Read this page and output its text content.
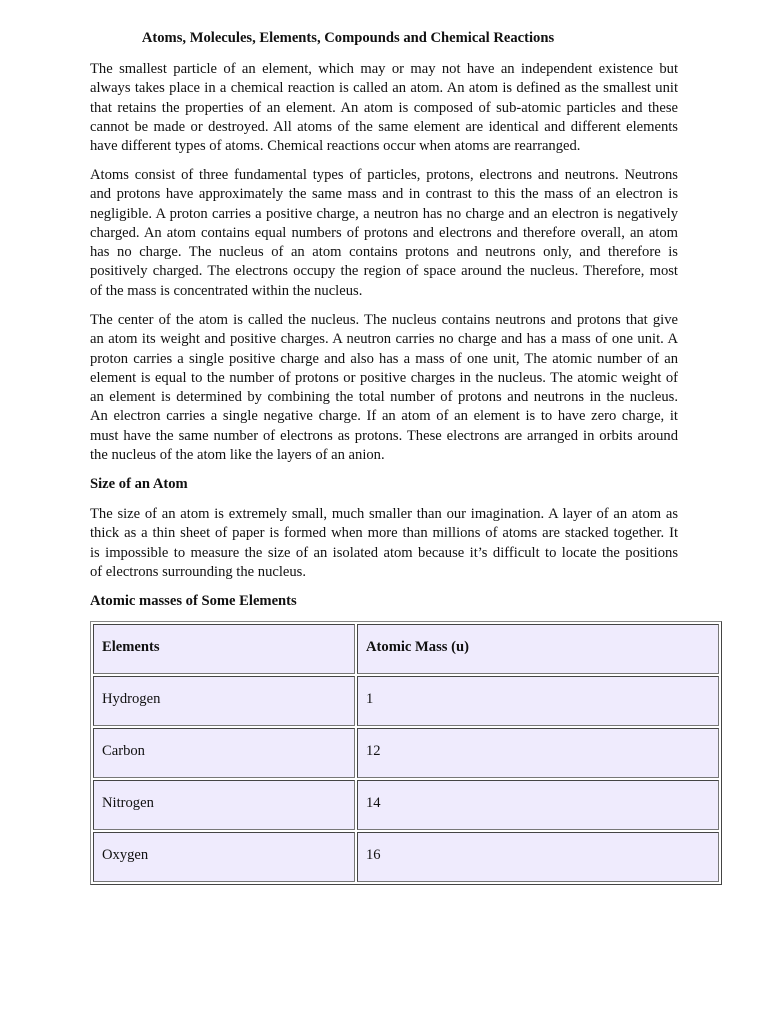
Atoms, Molecules, Elements, Compounds and Chemical Reactions
The smallest particle of an element, which may or may not have an independent existence but
always takes place in a chemical reaction is called an atom. An atom is defined as the smallest unit
that retains the properties of an element. An atom is composed of sub-atomic particles and these
cannot be made or destroyed. All atoms of the same element are identical and different elements
have different types of atoms. Chemical reactions occur when atoms are rearranged.
Atoms consist of three fundamental types of particles, protons, electrons and neutrons. Neutrons
and protons have approximately the same mass and in contrast to this the mass of an electron is
negligible. A proton carries a positive charge, a neutron has no charge and an electron is negatively
charged. An atom contains equal numbers of protons and electrons and therefore overall, an atom
has no charge. The nucleus of an atom contains protons and neutrons only, and therefore is
positively charged. The electrons occupy the region of space around the nucleus. Therefore, most
of the mass is concentrated within the nucleus.
The center of the atom is called the nucleus. The nucleus contains neutrons and protons that give
an atom its weight and positive charges. A neutron carries no charge and has a mass of one unit. A
proton carries a single positive charge and also has a mass of one unit, The atomic number of an
element is equal to the number of protons or positive charges in the nucleus. The atomic weight of
an element is determined by combining the total number of protons and neutrons in the nucleus.
An electron carries a single negative charge. If an atom of an element is to have zero charge, it
must have the same number of electrons as protons. These electrons are arranged in orbits around
the nucleus of the atom like the layers of an anion.
Size of an Atom
The size of an atom is extremely small, much smaller than our imagination. A layer of an atom as
thick as a thin sheet of paper is formed when more than millions of atoms are stacked together. It
is impossible to measure the size of an isolated atom because it’s difficult to locate the positions
of electrons surrounding the nucleus.
Atomic masses of Some Elements
Elements	Atomic Mass (u)
Hydrogen	1
Carbon	12
Nitrogen	14
Oxygen	16
